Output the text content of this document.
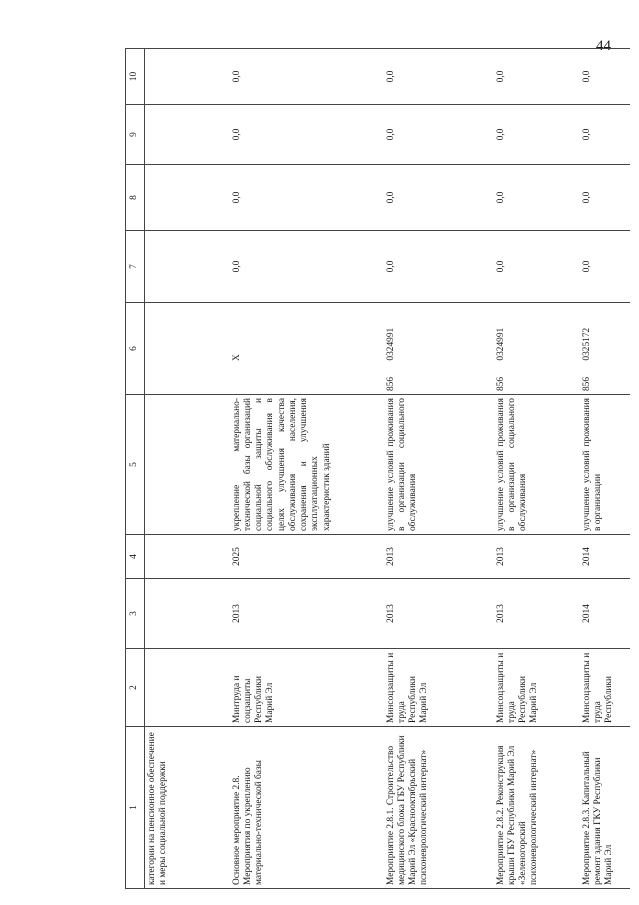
44
1	2	3	4	5	6	7	8	9	10
категории на пенсионное обеспечение и меры социальной поддержки									
Основное мероприятие 2.8. Мероприятия по укреплению материально-технической базы	Минтруда и соцзащиты Республики Марий Эл	2013	2025	укрепление материально-технической базы организаций социальной защиты и социального обслуживания в целях улучшения качества обслуживания населения, сохранения и улучшения эксплуатационных характеристик зданий	X	0,0	0,0	0,0	0,0
Мероприятие 2.8.1. Строительство медицинского блока ГБУ Республики Марий Эл «Краснооктябрьский психоневрологический интернат»	Минсоцзащиты и труда Республики Марий Эл	2013	2013	улучшение условий проживания в организации социального обслуживания	856 0324991	0,0	0,0	0,0	0,0
Мероприятие 2.8.2. Реконструкция крыши ГБУ Республики Марий Эл «Зеленогорский психоневрологический интернат»	Минсоцзащиты и труда Республики Марий Эл	2013	2013	улучшение условий проживания в организации социального обслуживания	856 0324991	0,0	0,0	0,0	0,0
Мероприятие 2.8.3. Капитальный ремонт здания ГКУ Республики Марий Эл	Минсоцзащиты и труда Республики	2014	2014	улучшение условий проживания в организации	856 0325172	0,0	0,0	0,0	0,0
